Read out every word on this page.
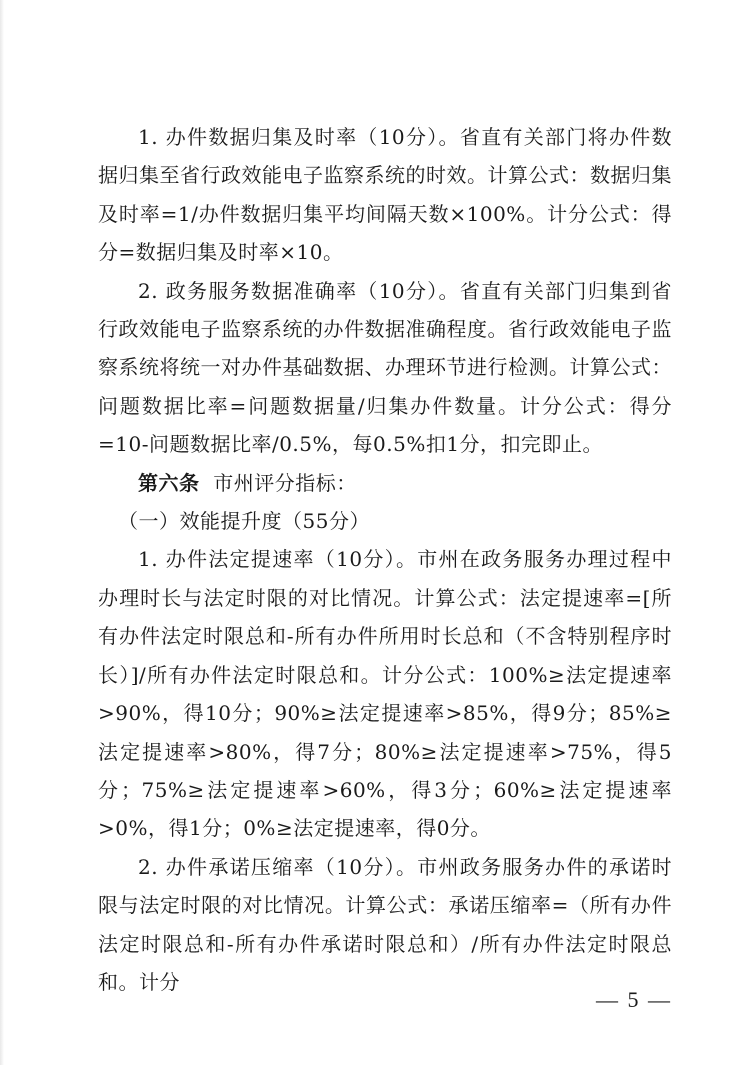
1. 办件数据归集及时率（10分）。省直有关部门将办件数据归集至省行政效能电子监察系统的时效。计算公式：数据归集及时率=1/办件数据归集平均间隔天数×100%。计分公式：得分=数据归集及时率×10。

2. 政务服务数据准确率（10分）。省直有关部门归集到省行政效能电子监察系统的办件数据准确程度。省行政效能电子监察系统将统一对办件基础数据、办理环节进行检测。计算公式：问题数据比率=问题数据量/归集办件数量。计分公式：得分=10-问题数据比率/0.5%，每0.5%扣1分，扣完即止。

第六条 市州评分指标：

（一）效能提升度（55分）

1. 办件法定提速率（10分）。市州在政务服务办理过程中办理时长与法定时限的对比情况。计算公式：法定提速率=[所有办件法定时限总和-所有办件所用时长总和（不含特别程序时长）]/所有办件法定时限总和。计分公式：100%≥法定提速率>90%，得10分；90%≥法定提速率>85%，得9分；85%≥法定提速率>80%，得7分；80%≥法定提速率>75%，得5分；75%≥法定提速率>60%，得3分；60%≥法定提速率>0%，得1分；0%≥法定提速率，得0分。

2. 办件承诺压缩率（10分）。市州政务服务办件的承诺时限与法定时限的对比情况。计算公式：承诺压缩率=（所有办件法定时限总和-所有办件承诺时限总和）/所有办件法定时限总和。计分

— 5 —
